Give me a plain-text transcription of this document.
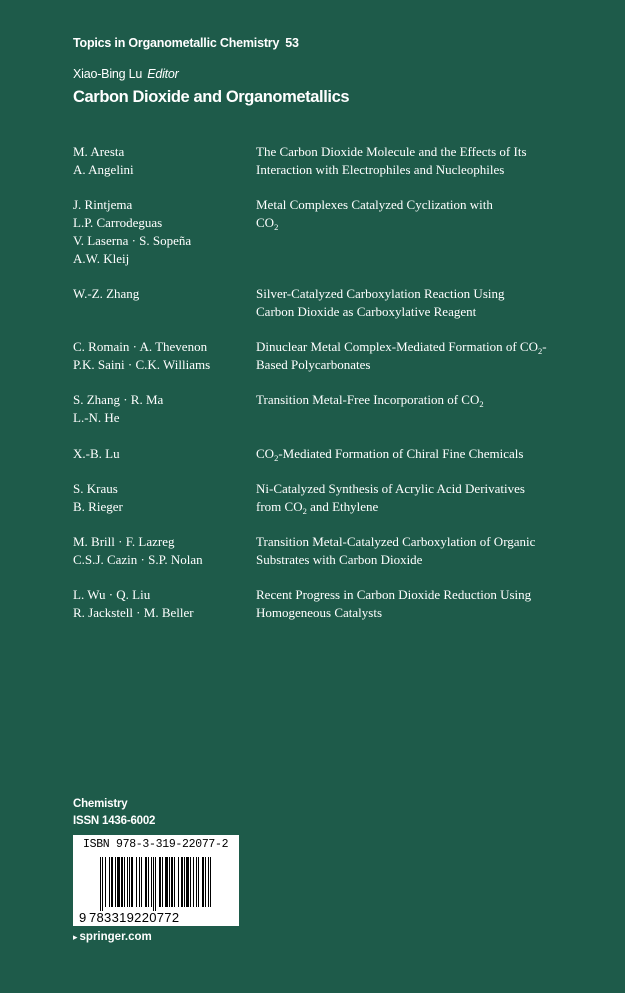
Topics in Organometallic Chemistry 53
Xiao-Bing Lu Editor
Carbon Dioxide and Organometallics
M. Aresta
A. Angelini
The Carbon Dioxide Molecule and the Effects of Its
Interaction with Electrophiles and Nucleophiles
J. Rintjema
L.P. Carrodeguas
V. Laserna · S. Sopeña
A.W. Kleij
Metal Complexes Catalyzed Cyclization with
$CO_2$
W.-Z. Zhang	Silver-Catalyzed Carboxylation Reaction Using
Carbon Dioxide as Carboxylative Reagent
C. Romain · A. Thevenon
P.K. Saini · C.K. Williams
Dinuclear Metal Complex-Mediated Formation of $CO_2-$
Based Polycarbonates
S. Zhang · R. Ma
L.-N. He
Transition Metal-Free Incorporation of $CO_2$
X.-B. Lu	$CO_2$-Mediated Formation of Chiral Fine Chemicals
S. Kraus
B. Rieger
Ni-Catalyzed Synthesis of Acrylic Acid Derivatives
from $CO_2$ and Ethylene
M. Brill · F. Lazreg
C.S.J. Cazin · S.P. Nolan
Transition Metal-Catalyzed Carboxylation of Organic
Substrates with Carbon Dioxide
L. Wu · Q. Liu
R. Jackstell · M. Beller
Recent Progress in Carbon Dioxide Reduction Using
Homogeneous Catalysts
Chemistry
ISSN 1436-6002
ISBN 978-3-319-22077-2
9 783319220772
▸ springer.com
